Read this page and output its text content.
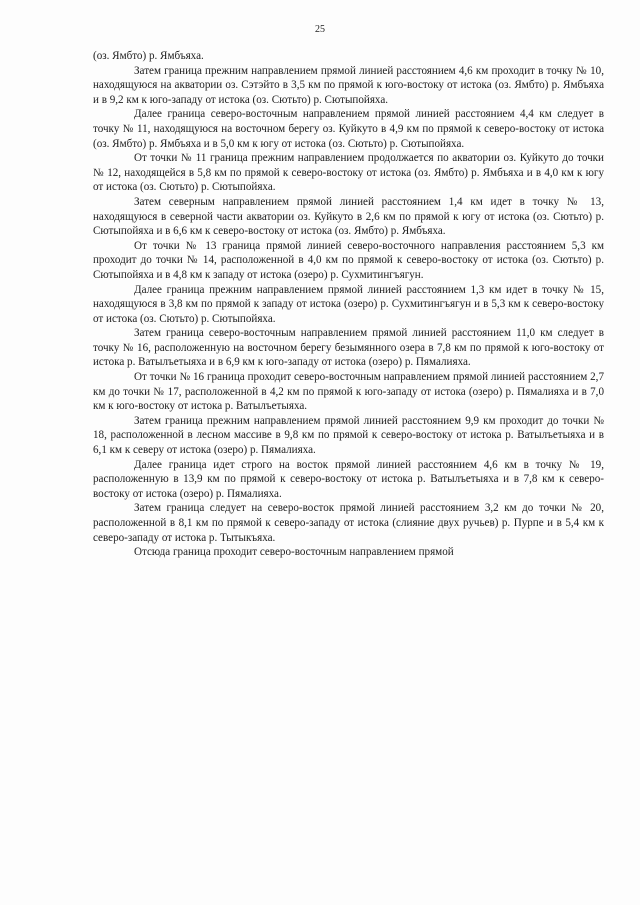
25

(оз. Ямбто) р. Ямбъяха.

Затем граница прежним направлением прямой линией расстоянием 4,6 км проходит в точку № 10, находящуюся на акватории оз. Сэтэйто в 3,5 км по прямой к юго-востоку от истока (оз. Ямбто) р. Ямбъяха и в 9,2 км к юго-западу от истока (оз. Сютьто) р. Сютыпойяха.

Далее граница северо-восточным направлением прямой линией расстоянием 4,4 км следует в точку № 11, находящуюся на восточном берегу оз. Куйкуто в 4,9 км по прямой к северо-востоку от истока (оз. Ямбто) р. Ямбъяха и в 5,0 км к югу от истока (оз. Сютьто) р. Сютыпойяха.

От точки № 11 граница прежним направлением продолжается по акватории оз. Куйкуто до точки № 12, находящейся в 5,8 км по прямой к северо-востоку от истока (оз. Ямбто) р. Ямбъяха и в 4,0 км к югу от истока (оз. Сютьто) р. Сютыпойяха.

Затем северным направлением прямой линией расстоянием 1,4 км идет в точку № 13, находящуюся в северной части акватории оз. Куйкуто в 2,6 км по прямой к югу от истока (оз. Сютьто) р. Сютыпойяха и в 6,6 км к северо-востоку от истока (оз. Ямбто) р. Ямбъяха.

От точки № 13 граница прямой линией северо-восточного направления расстоянием 5,3 км проходит до точки № 14, расположенной в 4,0 км по прямой к северо-востоку от истока (оз. Сютьто) р. Сютыпойяха и в 4,8 км к западу от истока (озеро) р. Сухмитингъягун.

Далее граница прежним направлением прямой линией расстоянием 1,3 км идет в точку № 15, находящуюся в 3,8 км по прямой к западу от истока (озеро) р. Сухмитингъягун и в 5,3 км к северо-востоку от истока (оз. Сютьто) р. Сютыпойяха.

Затем граница северо-восточным направлением прямой линией расстоянием 11,0 км следует в точку № 16, расположенную на восточном берегу безымянного озера в 7,8 км по прямой к юго-востоку от истока р. Ватылъетыяха и в 6,9 км к юго-западу от истока (озеро) р. Пямалияха.

От точки № 16 граница проходит северо-восточным направлением прямой линией расстоянием 2,7 км до точки № 17, расположенной в 4,2 км по прямой к юго-западу от истока (озеро) р. Пямалияха и в 7,0 км к юго-востоку от истока р. Ватылъетыяха.

Затем граница прежним направлением прямой линией расстоянием 9,9 км проходит до точки № 18, расположенной в лесном массиве в 9,8 км по прямой к северо-востоку от истока р. Ватылъетыяха и в 6,1 км к северу от истока (озеро) р. Пямалияха.

Далее граница идет строго на восток прямой линией расстоянием 4,6 км в точку № 19, расположенную в 13,9 км по прямой к северо-востоку от истока р. Ватылъетыяха и в 7,8 км к северо-востоку от истока (озеро) р. Пямалияха.

Затем граница следует на северо-восток прямой линией расстоянием 3,2 км до точки № 20, расположенной в 8,1 км по прямой к северо-западу от истока (слияние двух ручьев) р. Пурпе и в 5,4 км к северо-западу от истока р. Тытыкъяха.

Отсюда граница проходит северо-восточным направлением прямой
